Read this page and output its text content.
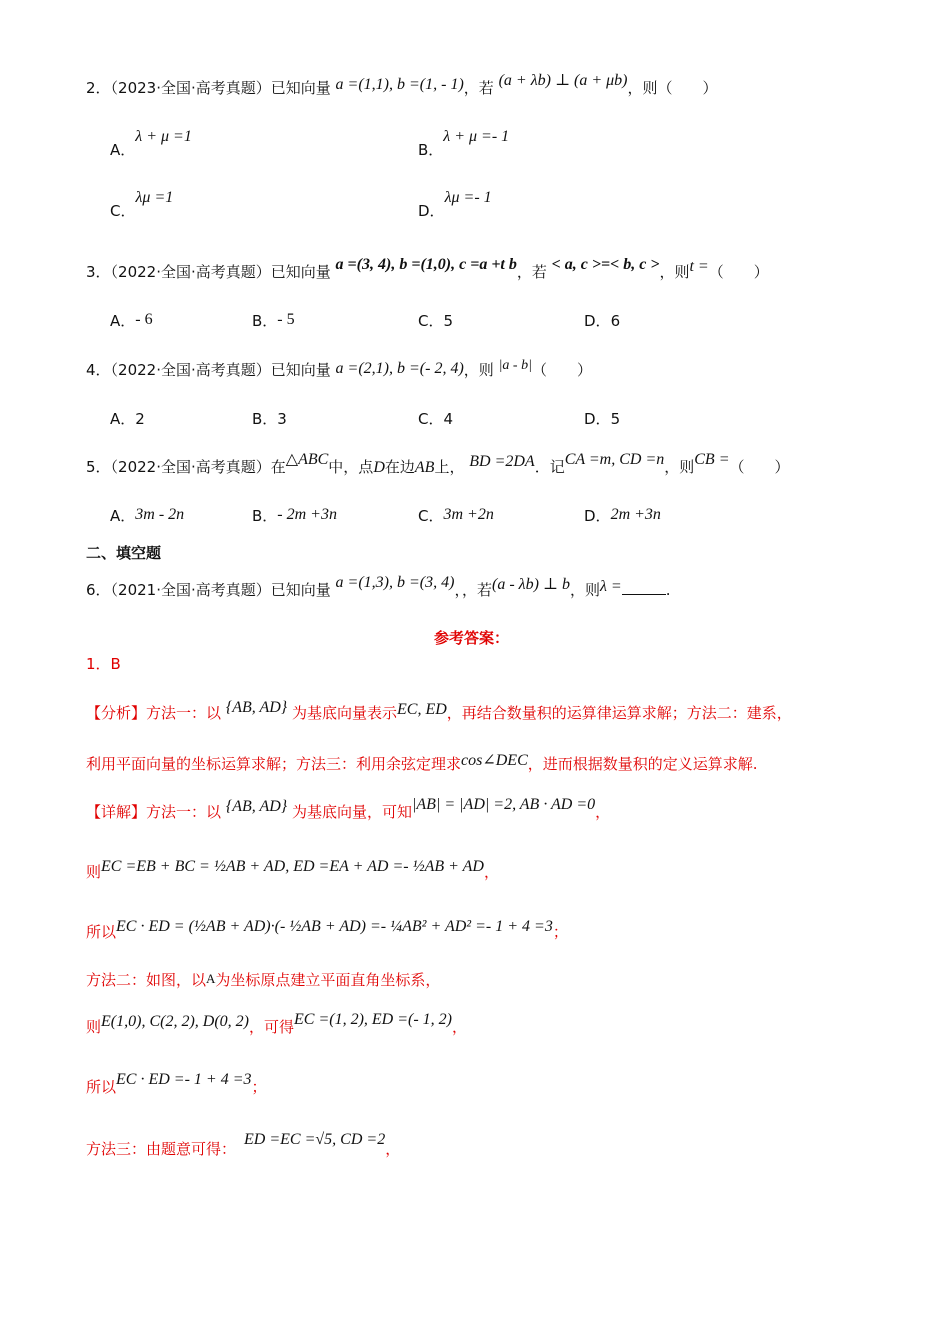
2．（2023·全国·高考真题）已知向量 a =(1,1), b =(1, - 1)，若 (a + λb) ⊥ (a + μb)，则（　　）
A．λ + μ =1
B．λ + μ =- 1
C．λμ =1
D．λμ =- 1
3．（2022·全国·高考真题）已知向量 a =(3, 4), b =(1,0), c =a +t b，若 < a, c >=< b, c >，则t =（　　）
A．- 6	B．- 5	C．5	D．6
4．（2022·全国·高考真题）已知向量 a =(2,1), b =(- 2, 4)，则 |a - b|（　　）
A．2	B．3	C．4	D．5
5．（2022·全国·高考真题）在△ABC中，点D在边AB上， BD =2DA．记CA =m, CD =n，则CB =（　　）
A．3m - 2n	B．- 2m +3n	C．3m +2n	D．2m +3n
二、填空题
6．（2021·全国·高考真题）已知向量 a =(1,3), b =(3, 4)，，若(a - λb) ⊥ b，则λ =	.
参考答案：
1．B
【分析】方法一：以 {AB, AD} 为基底向量表示EC, ED，再结合数量积的运算律运算求解；方法二：建系，
利用平面向量的坐标运算求解；方法三：利用余弦定理求cos∠DEC，进而根据数量积的定义运算求解.
【详解】方法一：以 {AB, AD} 为基底向量，可知|AB| = |AD| =2, AB · AD =0，
则EC =EB + BC = ½AB + AD, ED =EA + AD =- ½AB + AD，
所以EC · ED = (½AB + AD)·(- ½AB + AD) =- ¼AB² + AD² =- 1 + 4 =3；
方法二：如图，以A为坐标原点建立平面直角坐标系，
则E(1,0), C(2, 2), D(0, 2)，可得EC =(1, 2), ED =(- 1, 2)，
所以EC · ED =- 1 + 4 =3；
方法三：由题意可得：ED =EC =√5, CD =2，
